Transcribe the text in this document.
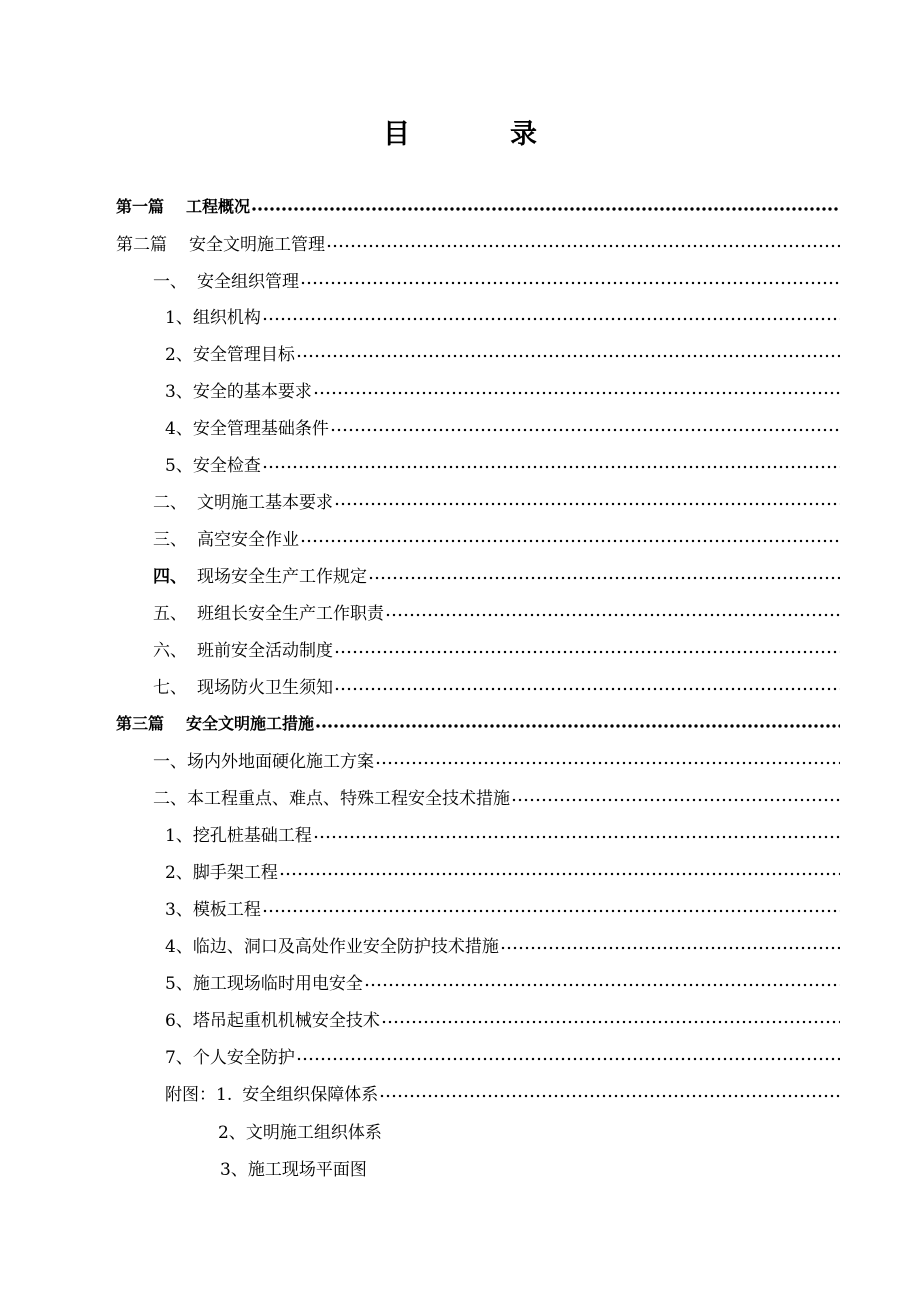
目录
第一篇 工程概况
第二篇 安全文明施工管理
一、 安全组织管理
1、组织机构
2、安全管理目标
3、安全的基本要求
4、安全管理基础条件
5、安全检查
二、 文明施工基本要求
三、 高空安全作业
四、 现场安全生产工作规定
五、 班组长安全生产工作职责
六、 班前安全活动制度
七、 现场防火卫生须知
第三篇 安全文明施工措施
一、场内外地面硬化施工方案
二、本工程重点、难点、特殊工程安全技术措施
1、挖孔桩基础工程
2、脚手架工程
3、模板工程
4、临边、洞口及高处作业安全防护技术措施
5、施工现场临时用电安全
6、塔吊起重机机械安全技术
7、个人安全防护
附图：1. 安全组织保障体系
2、文明施工组织体系
3、施工现场平面图
